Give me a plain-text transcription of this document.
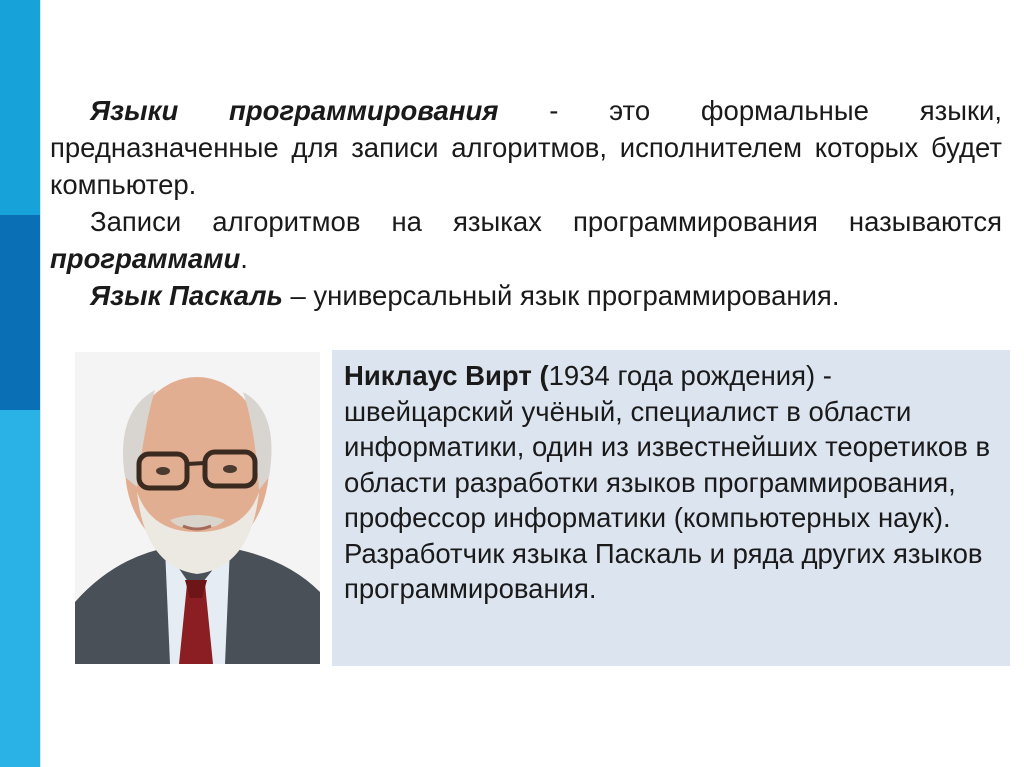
Языки программирования - это формальные языки, предназначенные для записи алгоритмов, исполнителем которых будет компьютер.

Записи алгоритмов на языках программирования называются программами.

Язык Паскаль – универсальный язык программирования.

Никлаус Вирт (1934 года рождения) - швейцарский учёный, специалист в области информатики, один из известнейших теоретиков в области разработки языков программирования, профессор информатики (компьютерных наук). Разработчик языка Паскаль и ряда других языков программирования.
